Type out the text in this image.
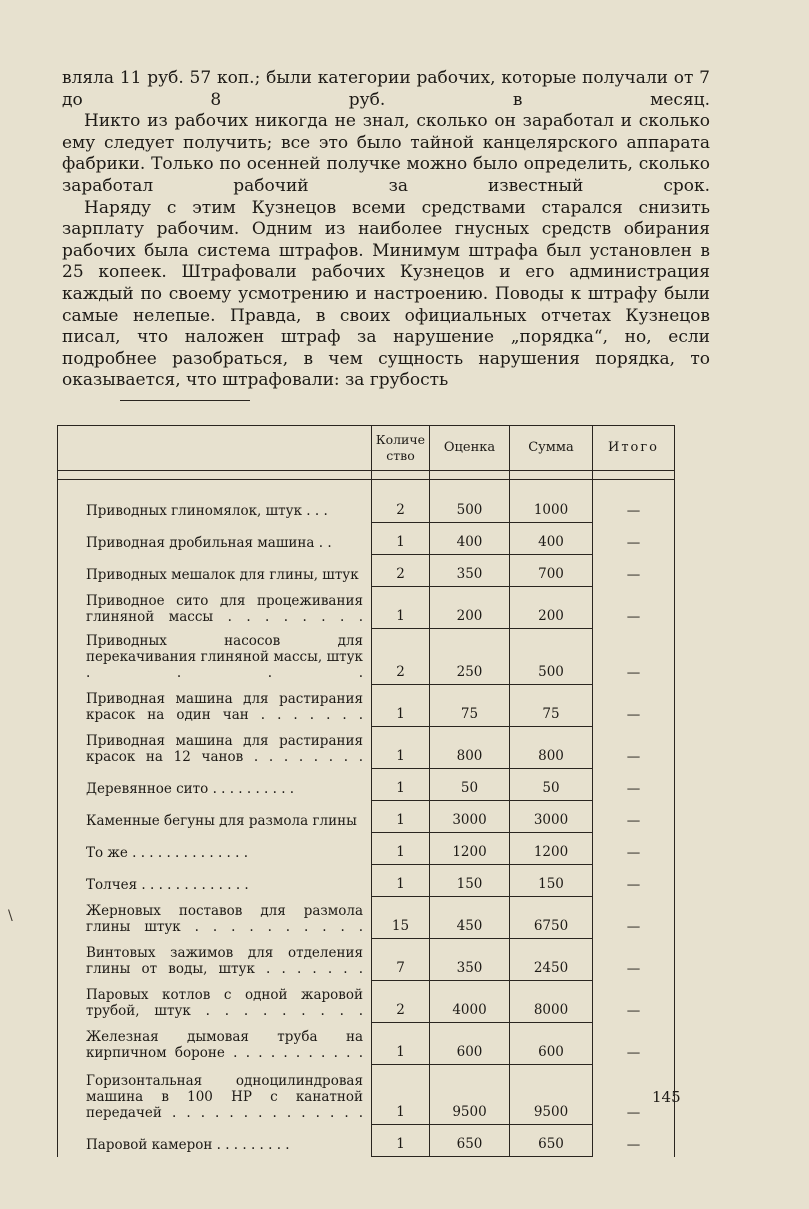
вляла 11 руб. 57 коп.; были категории рабочих, которые получали от 7 до 8 руб. в месяц.

Никто из рабочих никогда не знал, сколько он заработал и сколько ему следует получить; все это было тайной канцелярского аппарата фабрики. Только по осенней получке можно было определить, сколько заработал рабочий за известный срок.

Наряду с этим Кузнецов всеми средствами старался снизить зарплату рабочим. Одним из наиболее гнусных средств обирания рабочих была система штрафов. Минимум штрафа был установлен в 25 копеек. Штрафовали рабочих Кузнецов и его администрация каждый по своему усмотрению и настроению. Поводы к штрафу были самые нелепые. Правда, в своих официальных отчетах Кузнецов писал, что наложен штраф за нарушение „порядка“, но, если подробнее разобраться, в чем сущность нарушения порядка, то оказывается, что штрафовали: за грубость

	Количество	Оценка	Сумма	Итого

Приводных глиномялок, штук . . .	2	500	1000	—
Приводная дробильная машина . .	1	400	400	—
Приводных мешалок для глины, штук	2	350	700	—
Приводное сито для процеживания глиняной массы . . . . . . . .	1	200	200	—
Приводных насосов для перекачивания глиняной массы, штук . . . .	2	250	500	—
Приводная машина для растирания красок на один чан . . . . . . .	1	75	75	—
Приводная машина для растирания красок на 12 чанов . . . . . . . .	1	800	800	—
Деревянное сито . . . . . . . . . .	1	50	50	—
Каменные бегуны для размола глины	1	3000	3000	—
То же . . . . . . . . . . . . . .	1	1200	1200	—
Толчея . . . . . . . . . . . . .	1	150	150	—
Жерновых поставов для размола глины штук . . . . . . . . . .	15	450	6750	—
Винтовых зажимов для отделения глины от воды, штук . . . . . . .	7	350	2450	—
Паровых котлов с одной жаровой трубой, штук . . . . . . . . .	2	4000	8000	—
Железная дымовая труба на кирпичном бороне . . . . . . . . . . .	1	600	600	—
Горизонтальная одноцилиндровая машина в 100 HP с канатной передачей . . . . . . . . . . . . . .	1	9500	9500	—
Паровой камерон . . . . . . . . .	1	650	650	—
145
\
